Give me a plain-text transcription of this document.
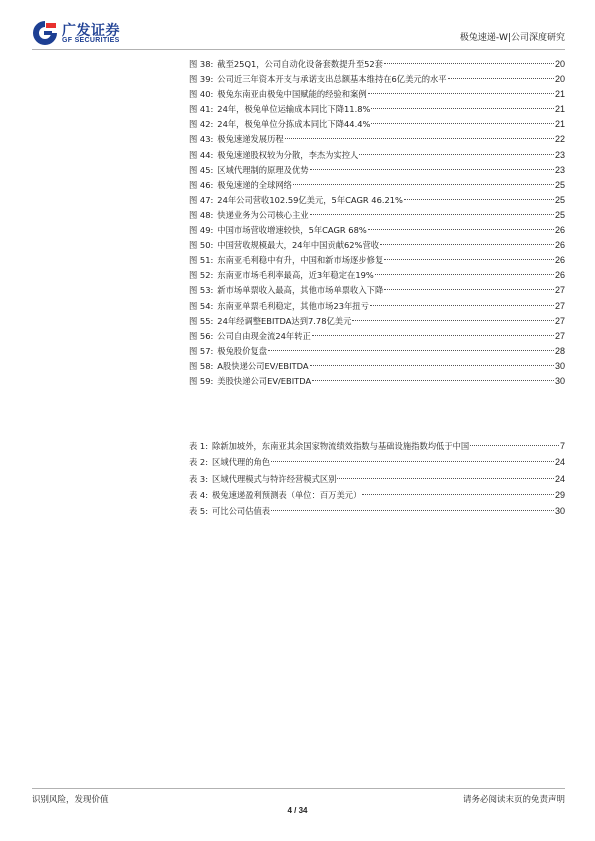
广发证券
GF SECURITIES	极兔速递-W|公司深度研究
图 38: 截至25Q1，公司自动化设备套数提升至52套	20
图 39: 公司近三年资本开支与承诺支出总额基本维持在6亿美元的水平	20
图 40: 极兔东南亚由极兔中国赋能的经验和案例	21
图 41: 24年，极兔单位运输成本同比下降11.8%	21
图 42: 24年，极兔单位分拣成本同比下降44.4%	21
图 43: 极兔速递发展历程	22
图 44: 极兔速递股权较为分散，李杰为实控人	23
图 45: 区域代理制的原理及优势	23
图 46: 极兔速递的全球网络	25
图 47: 24年公司营收102.59亿美元，5年CAGR 46.21%	25
图 48: 快递业务为公司核心主业	25
图 49: 中国市场营收增速较快，5年CAGR 68%	26
图 50: 中国营收规模最大，24年中国贡献62%营收	26
图 51: 东南亚毛利稳中有升，中国和新市场逐步修复	26
图 52: 东南亚市场毛利率最高，近3年稳定在19%	26
图 53: 新市场单票收入最高，其他市场单票收入下降	27
图 54: 东南亚单票毛利稳定，其他市场23年扭亏	27
图 55: 24年经调整EBITDA达到7.78亿美元	27
图 56: 公司自由现金流24年转正	27
图 57: 极兔股价复盘	28
图 58: A股快递公司EV/EBITDA	30
图 59: 美股快递公司EV/EBITDA	30
表 1: 除新加坡外，东南亚其余国家物流绩效指数与基础设施指数均低于中国	7
表 2: 区域代理的角色	24
表 3: 区域代理模式与特许经营模式区别	24
表 4: 极兔速递盈利预测表（单位：百万美元）	29
表 5: 可比公司估值表	30
识别风险，发现价值	请务必阅读末页的免责声明
4 / 34
